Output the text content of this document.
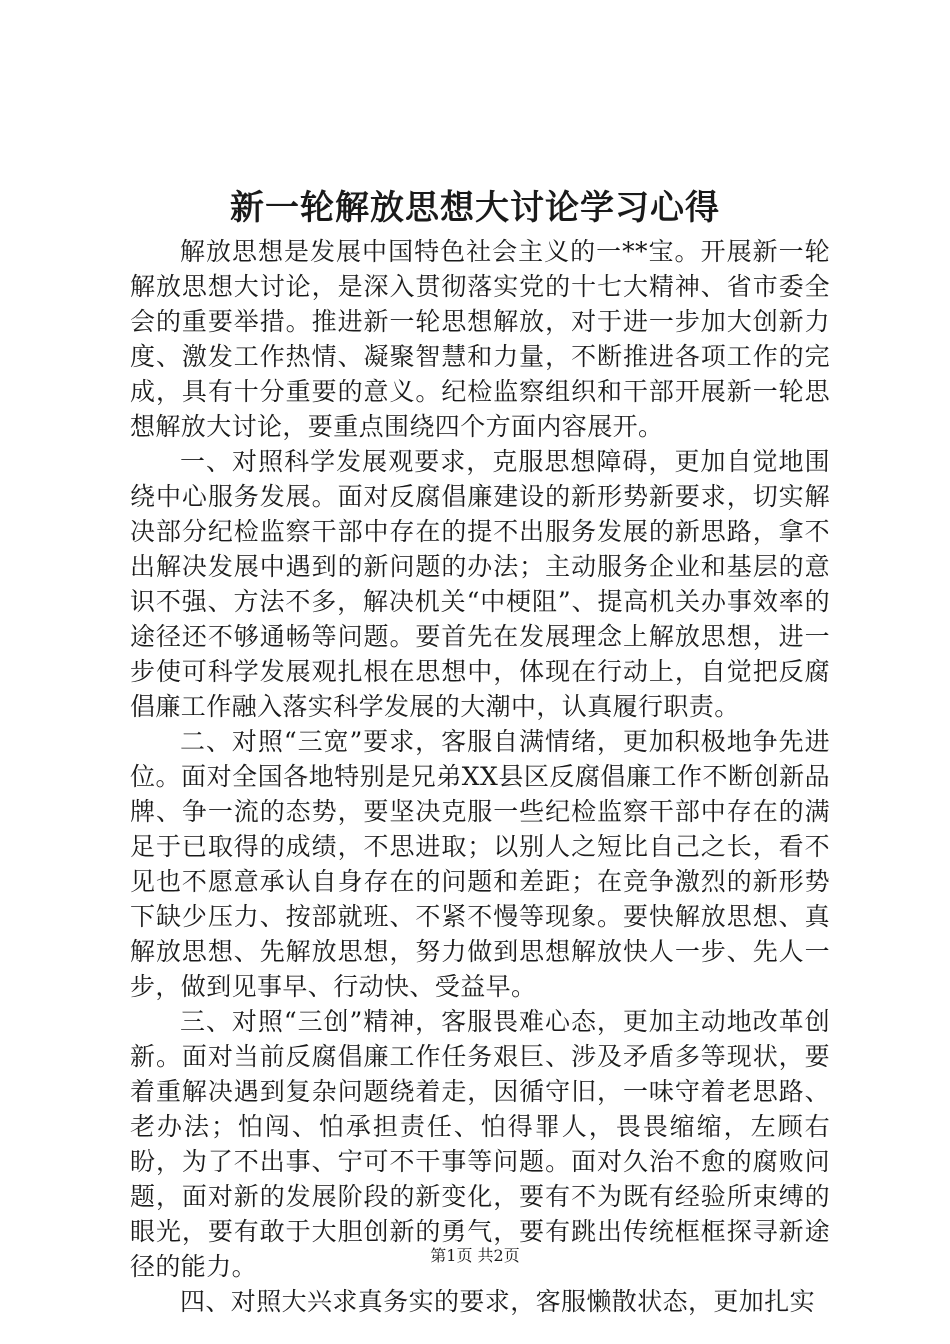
新一轮解放思想大讨论学习心得

解放思想是发展中国特色社会主义的一**宝。开展新一轮解放思想大讨论，是深入贯彻落实党的十七大精神、省市委全会的重要举措。推进新一轮思想解放，对于进一步加大创新力度、激发工作热情、凝聚智慧和力量，不断推进各项工作的完成，具有十分重要的意义。纪检监察组织和干部开展新一轮思想解放大讨论，要重点围绕四个方面内容展开。

一、对照科学发展观要求，克服思想障碍，更加自觉地围绕中心服务发展。面对反腐倡廉建设的新形势新要求，切实解决部分纪检监察干部中存在的提不出服务发展的新思路，拿不出解决发展中遇到的新问题的办法；主动服务企业和基层的意识不强、方法不多，解决机关“中梗阻”、提高机关办事效率的途径还不够通畅等问题。要首先在发展理念上解放思想，进一步使可科学发展观扎根在思想中，体现在行动上，自觉把反腐倡廉工作融入落实科学发展的大潮中，认真履行职责。

二、对照“三宽”要求，客服自满情绪，更加积极地争先进位。面对全国各地特别是兄弟XX县区反腐倡廉工作不断创新品牌、争一流的态势，要坚决克服一些纪检监察干部中存在的满足于已取得的成绩，不思进取；以别人之短比自己之长，看不见也不愿意承认自身存在的问题和差距；在竞争激烈的新形势下缺少压力、按部就班、不紧不慢等现象。要快解放思想、真解放思想、先解放思想，努力做到思想解放快人一步、先人一步，做到见事早、行动快、受益早。

三、对照“三创”精神，客服畏难心态，更加主动地改革创新。面对当前反腐倡廉工作任务艰巨、涉及矛盾多等现状，要着重解决遇到复杂问题绕着走，因循守旧，一味守着老思路、老办法；怕闯、怕承担责任、怕得罪人，畏畏缩缩，左顾右盼，为了不出事、宁可不干事等问题。面对久治不愈的腐败问题，面对新的发展阶段的新变化，要有不为既有经验所束缚的眼光，要有敢于大胆创新的勇气，要有跳出传统框框探寻新途径的能力。

四、对照大兴求真务实的要求，客服懒散状态，更加扎实

第1页 共2页
